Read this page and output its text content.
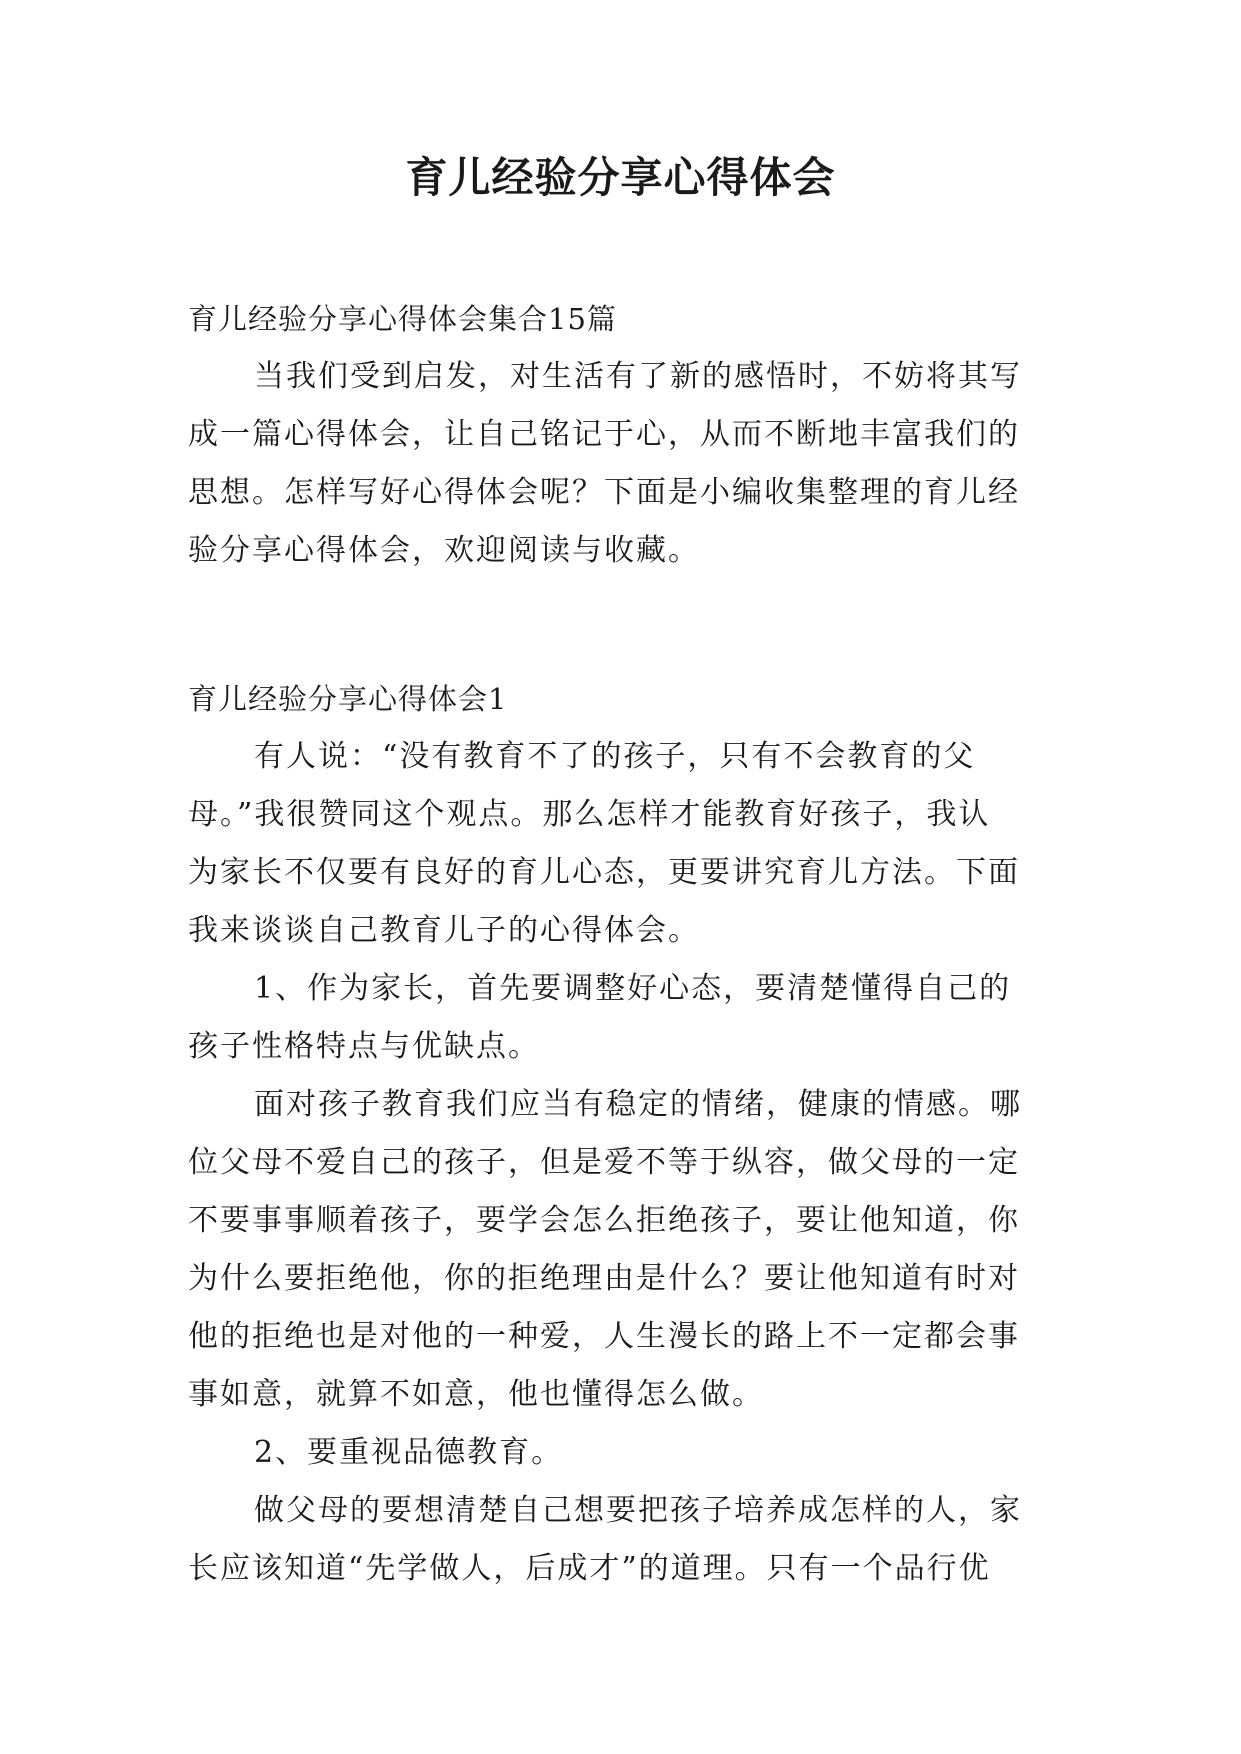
育儿经验分享心得体会

育儿经验分享心得体会集合15篇

当我们受到启发，对生活有了新的感悟时，不妨将其写

成一篇心得体会，让自己铭记于心，从而不断地丰富我们的

思想。怎样写好心得体会呢？下面是小编收集整理的育儿经

验分享心得体会，欢迎阅读与收藏。

育儿经验分享心得体会1

有人说：“没有教育不了的孩子，只有不会教育的父

母。”我很赞同这个观点。那么怎样才能教育好孩子，我认

为家长不仅要有良好的育儿心态，更要讲究育儿方法。下面

我来谈谈自己教育儿子的心得体会。

1、作为家长，首先要调整好心态，要清楚懂得自己的

孩子性格特点与优缺点。

面对孩子教育我们应当有稳定的情绪，健康的情感。哪

位父母不爱自己的孩子，但是爱不等于纵容，做父母的一定

不要事事顺着孩子，要学会怎么拒绝孩子，要让他知道，你

为什么要拒绝他，你的拒绝理由是什么？要让他知道有时对

他的拒绝也是对他的一种爱，人生漫长的路上不一定都会事

事如意，就算不如意，他也懂得怎么做。

2、要重视品德教育。

做父母的要想清楚自己想要把孩子培养成怎样的人，家

长应该知道“先学做人，后成才”的道理。只有一个品行优
